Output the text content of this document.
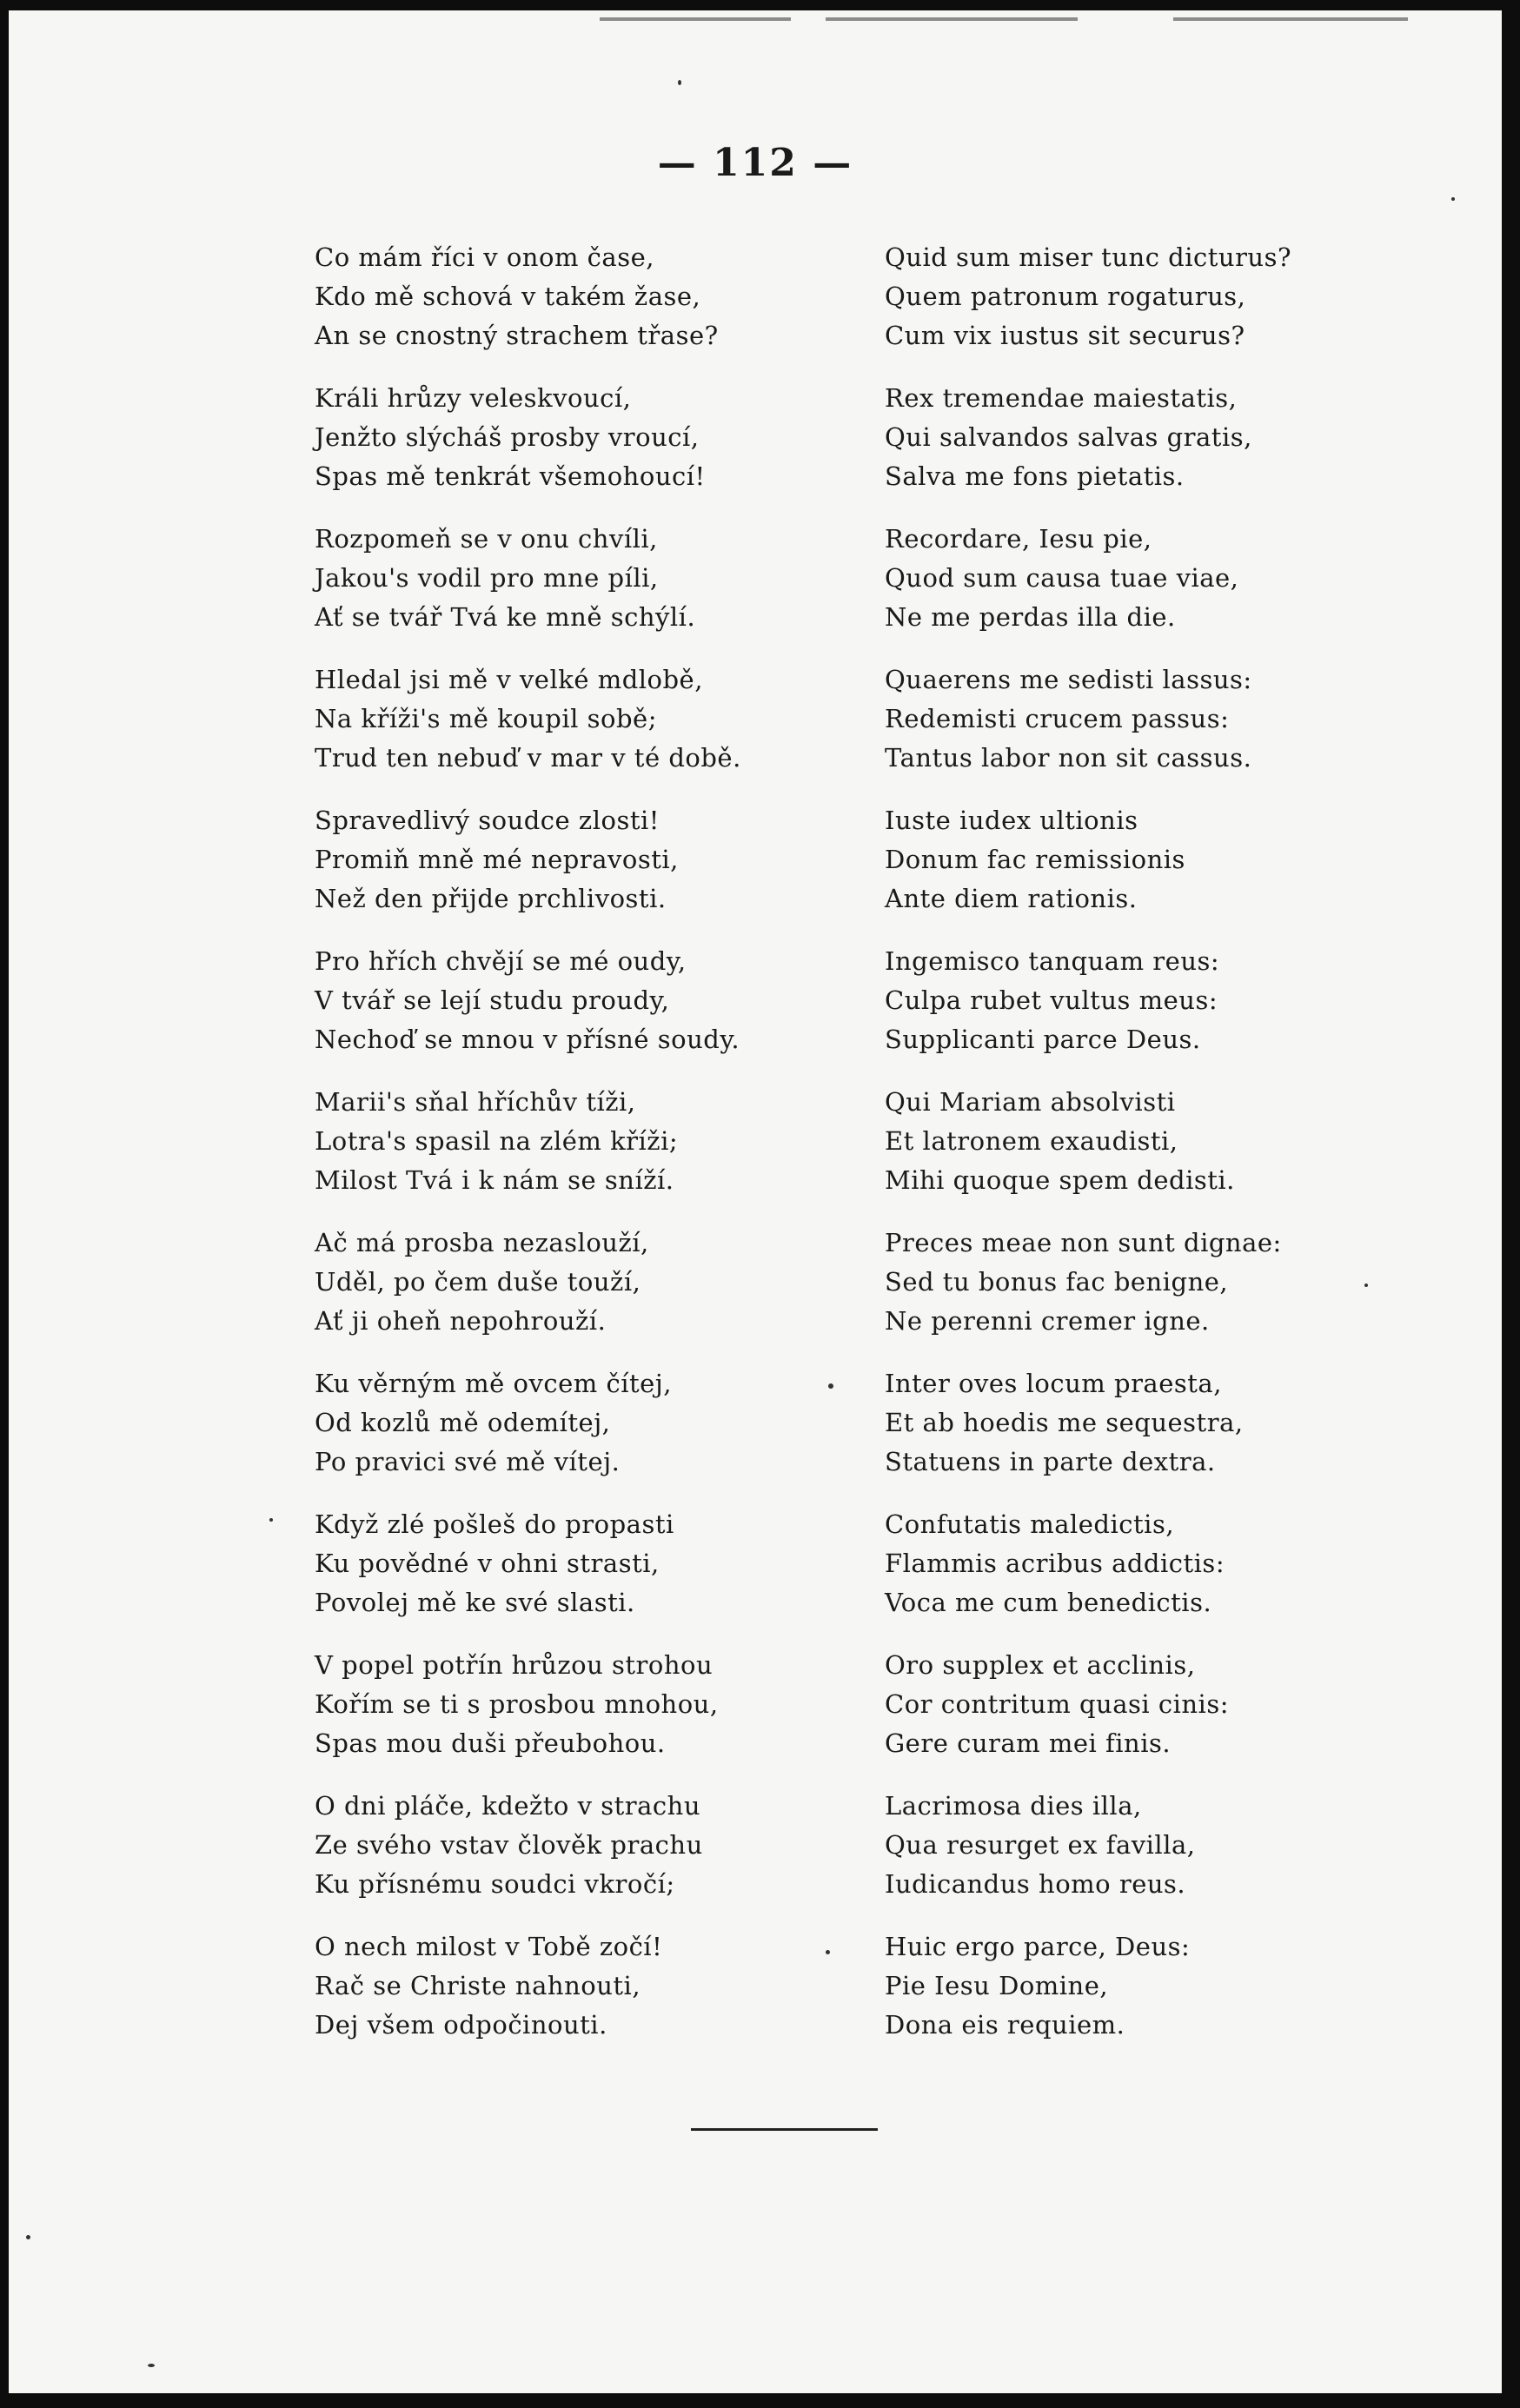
— 112 —
Co mám říci v onom čase,
Kdo mě schová v takém žase,
An se cnostný strachem třase?
Králi hrůzy veleskvoucí,
Jenžto slýcháš prosby vroucí,
Spas mě tenkrát všemohoucí!
Rozpomeň se v onu chvíli,
Jakou's vodil pro mne píli,
Ať se tvář Tvá ke mně schýlí.
Hledal jsi mě v velké mdlobě,
Na kříži's mě koupil sobě;
Trud ten nebuď v mar v té době.
Spravedlivý soudce zlosti!
Promiň mně mé nepravosti,
Než den přijde prchlivosti.
Pro hřích chvějí se mé oudy,
V tvář se lejí studu proudy,
Nechoď se mnou v přísné soudy.
Marii's sňal hříchův tíži,
Lotra's spasil na zlém kříži;
Milost Tvá i k nám se sníží.
Ač má prosba nezaslouží,
Uděl, po čem duše touží,
Ať ji oheň nepohrouží.
Ku věrným mě ovcem čítej,
Od kozlů mě odemítej,
Po pravici své mě vítej.
Když zlé pošleš do propasti
Ku povědné v ohni strasti,
Povolej mě ke své slasti.
V popel potřín hrůzou strohou
Kořím se ti s prosbou mnohou,
Spas mou duši přeubohou.
O dni pláče, kdežto v strachu
Ze svého vstav člověk prachu
Ku přísnému soudci vkročí;
O nech milost v Tobě zočí!
Rač se Christe nahnouti,
Dej všem odpočinouti.
Quid sum miser tunc dicturus?
Quem patronum rogaturus,
Cum vix iustus sit securus?
Rex tremendae maiestatis,
Qui salvandos salvas gratis,
Salva me fons pietatis.
Recordare, Iesu pie,
Quod sum causa tuae viae,
Ne me perdas illa die.
Quaerens me sedisti lassus:
Redemisti crucem passus:
Tantus labor non sit cassus.
Iuste iudex ultionis
Donum fac remissionis
Ante diem rationis.
Ingemisco tanquam reus:
Culpa rubet vultus meus:
Supplicanti parce Deus.
Qui Mariam absolvisti
Et latronem exaudisti,
Mihi quoque spem dedisti.
Preces meae non sunt dignae:
Sed tu bonus fac benigne,
Ne perenni cremer igne.
Inter oves locum praesta,
Et ab hoedis me sequestra,
Statuens in parte dextra.
Confutatis maledictis,
Flammis acribus addictis:
Voca me cum benedictis.
Oro supplex et acclinis,
Cor contritum quasi cinis:
Gere curam mei finis.
Lacrimosa dies illa,
Qua resurget ex favilla,
Iudicandus homo reus.
Huic ergo parce, Deus:
Pie Iesu Domine,
Dona eis requiem.
